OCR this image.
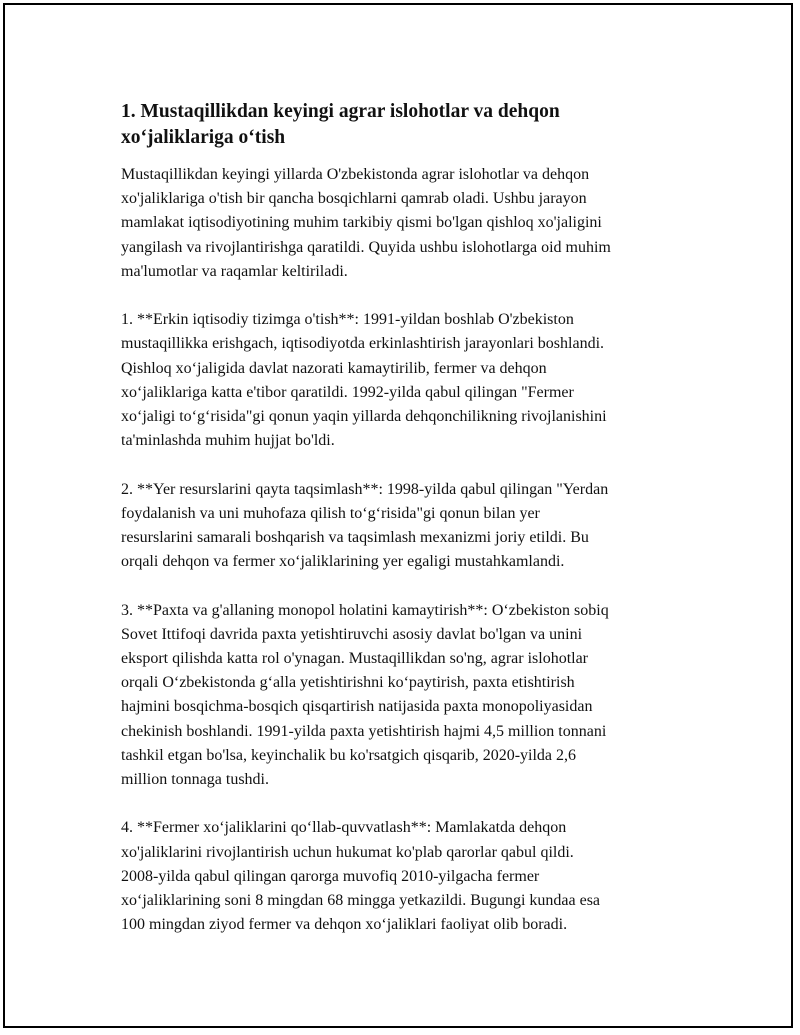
1. Mustaqillikdan keyingi agrar islohotlar va dehqon
xo‘jaliklariga o‘tish
Mustaqillikdan keyingi yillarda O'zbekistonda agrar islohotlar va dehqon
xo'jaliklariga o'tish bir qancha bosqichlarni qamrab oladi. Ushbu jarayon
mamlakat iqtisodiyotining muhim tarkibiy qismi bo'lgan qishloq xo'jaligini
yangilash va rivojlantirishga qaratildi. Quyida ushbu islohotlarga oid muhim
ma'lumotlar va raqamlar keltiriladi.
1. **Erkin iqtisodiy tizimga o'tish**: 1991-yildan boshlab O'zbekiston
mustaqillikka erishgach, iqtisodiyotda erkinlashtirish jarayonlari boshlandi.
Qishloq xo‘jaligida davlat nazorati kamaytirilib, fermer va dehqon
xo‘jaliklariga katta e'tibor qaratildi. 1992-yilda qabul qilingan "Fermer
xo‘jaligi to‘g‘risida"gi qonun yaqin yillarda dehqonchilikning rivojlanishini
ta'minlashda muhim hujjat bo'ldi.
2. **Yer resurslarini qayta taqsimlash**: 1998-yilda qabul qilingan "Yerdan
foydalanish va uni muhofaza qilish to‘g‘risida"gi qonun bilan yer
resurslarini samarali boshqarish va taqsimlash mexanizmi joriy etildi. Bu
orqali dehqon va fermer xo‘jaliklarining yer egaligi mustahkamlandi.
3. **Paxta va g'allaning monopol holatini kamaytirish**: O‘zbekiston sobiq
Sovet Ittifoqi davrida paxta yetishtiruvchi asosiy davlat bo'lgan va unini
eksport qilishda katta rol o'ynagan. Mustaqillikdan so'ng, agrar islohotlar
orqali O‘zbekistonda g‘alla yetishtirishni ko‘paytirish, paxta etishtirish
hajmini bosqichma-bosqich qisqartirish natijasida paxta monopoliyasidan
chekinish boshlandi. 1991-yilda paxta yetishtirish hajmi 4,5 million tonnani
tashkil etgan bo'lsa, keyinchalik bu ko'rsatgich qisqarib, 2020-yilda 2,6
million tonnaga tushdi.
4. **Fermer xo‘jaliklarini qo‘llab-quvvatlash**: Mamlakatda dehqon
xo'jaliklarini rivojlantirish uchun hukumat ko'plab qarorlar qabul qildi.
2008-yilda qabul qilingan qarorga muvofiq 2010-yilgacha fermer
xo‘jaliklarining soni 8 mingdan 68 mingga yetkazildi. Bugungi kundaa esa
100 mingdan ziyod fermer va dehqon xo‘jaliklari faoliyat olib boradi.
